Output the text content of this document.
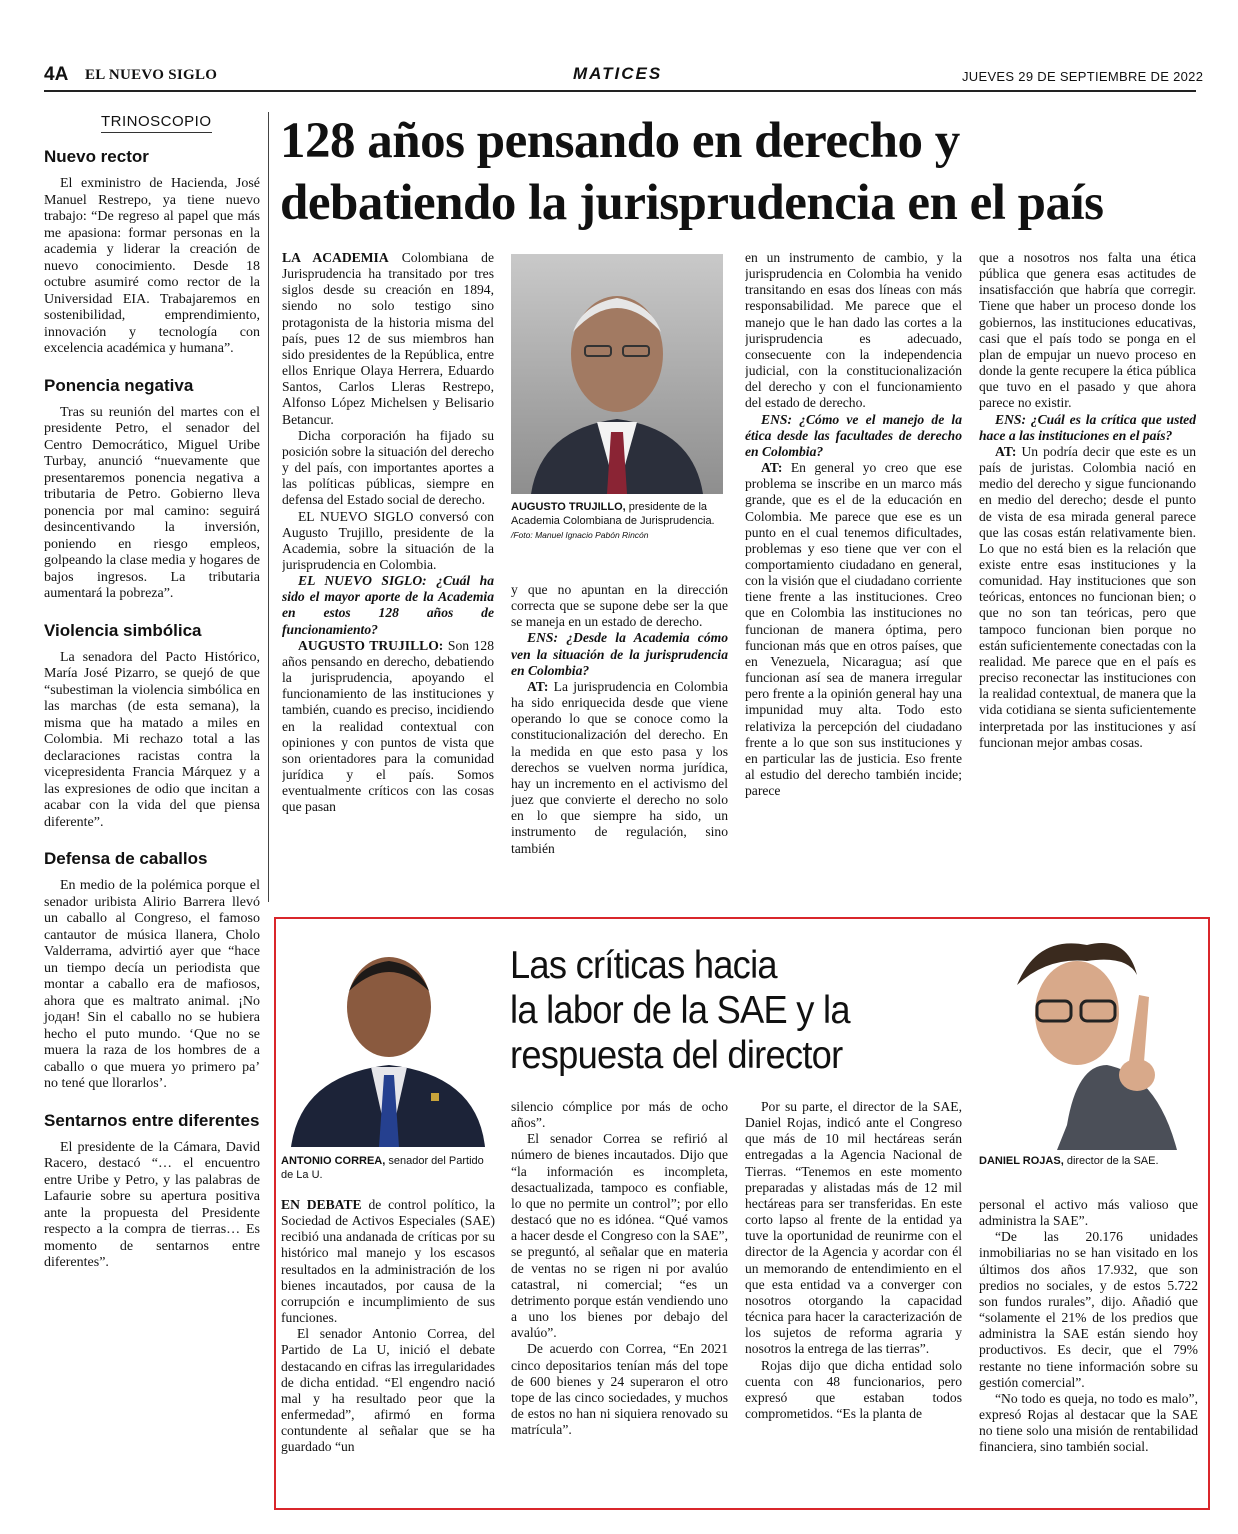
4A EL NUEVO SIGLO	MATICES	JUEVES 29 DE SEPTIEMBRE DE 2022
TRINOSCOPIO
Nuevo rector

El exministro de Hacienda, José Manuel Restrepo, ya tiene nuevo trabajo: “De regreso al papel que más me apasiona: formar personas en la academia y liderar la creación de nuevo conocimiento. Desde 18 octubre asumiré como rector de la Universidad EIA. Trabajaremos en sostenibilidad, emprendimiento, innovación y tecnología con excelencia académica y humana”.

Ponencia negativa

Tras su reunión del martes con el presidente Petro, el senador del Centro Democrático, Miguel Uribe Turbay, anunció “nuevamente que presentaremos ponencia negativa a tributaria de Petro. Gobierno lleva ponencia por mal camino: seguirá desincentivando la inversión, poniendo en riesgo empleos, golpeando la clase media y hogares de bajos ingresos. La tributaria aumentará la pobreza”.

Violencia simbólica

La senadora del Pacto Histórico, María José Pizarro, se quejó de que “subestiman la violencia simbólica en las marchas (de esta semana), la misma que ha matado a miles en Colombia. Mi rechazo total a las declaraciones racistas contra la vicepresidenta Francia Márquez y a las expresiones de odio que incitan a acabar con la vida del que piensa diferente”.

Defensa de caballos

En medio de la polémica porque el senador uribista Alirio Barrera llevó un caballo al Congreso, el famoso cantautor de música llanera, Cholo Valderrama, advirtió ayer que “hace un tiempo decía un periodista que montar a caballo era de mafiosos, ahora que es maltrato animal. ¡No joдан! Sin el caballo no se hubiera hecho el puto mundo. ‘Que no se muera la raza de los hombres de a caballo o que muera yo primero pa’ no tené que llorarlos’.

Sentarnos entre diferentes

El presidente de la Cámara, David Racero, destacó “… el encuentro entre Uribe y Petro, y las palabras de Lafaurie sobre su apertura positiva ante la propuesta del Presidente respecto a la compra de tierras… Es momento de sentarnos entre diferentes”.

128 años pensando en derecho y
debatiendo la jurisprudencia en el país

LA ACADEMIA Colombiana de Jurisprudencia ha transitado por tres siglos desde su creación en 1894, siendo no solo testigo sino protagonista de la historia misma del país, pues 12 de sus miembros han sido presidentes de la República, entre ellos Enrique Olaya Herrera, Eduardo Santos, Carlos Lleras Restrepo, Alfonso López Michelsen y Belisario Betancur.

Dicha corporación ha fijado su posición sobre la situación del derecho y del país, con importantes aportes a las políticas públicas, siempre en defensa del Estado social de derecho.

EL NUEVO SIGLO conversó con Augusto Trujillo, presidente de la Academia, sobre la situación de la jurisprudencia en Colombia.

EL NUEVO SIGLO: ¿Cuál ha sido el mayor aporte de la Academia en estos 128 años de funcionamiento?

AUGUSTO TRUJILLO: Son 128 años pensando en derecho, debatiendo la jurisprudencia, apoyando el funcionamiento de las instituciones y también, cuando es preciso, incidiendo en la realidad contextual con opiniones y con puntos de vista que son orientadores para la comunidad jurídica y el país. Somos eventualmente críticos con las cosas que pasan

AUGUSTO TRUJILLO, presidente de la Academia Colombiana de Jurisprudencia. /Foto: Manuel Ignacio Pabón Rincón

y que no apuntan en la dirección correcta que se supone debe ser la que se maneja en un estado de derecho.

ENS: ¿Desde la Academia cómo ven la situación de la jurisprudencia en Colombia?

AT: La jurisprudencia en Colombia ha sido enriquecida desde que viene operando lo que se conoce como la constitucionalización del derecho. En la medida en que esto pasa y los derechos se vuelven norma jurídica, hay un incremento en el activismo del juez que convierte el derecho no solo en lo que siempre ha sido, un instrumento de regulación, sino también

en un instrumento de cambio, y la jurisprudencia en Colombia ha venido transitando en esas dos líneas con más responsabilidad. Me parece que el manejo que le han dado las cortes a la jurisprudencia es adecuado, consecuente con la independencia judicial, con la constitucionalización del derecho y con el funcionamiento del estado de derecho.

ENS: ¿Cómo ve el manejo de la ética desde las facultades de derecho en Colombia?

AT: En general yo creo que ese problema se inscribe en un marco más grande, que es el de la educación en Colombia. Me parece que ese es un punto en el cual tenemos dificultades, problemas y eso tiene que ver con el comportamiento ciudadano en general, con la visión que el ciudadano corriente tiene frente a las instituciones. Creo que en Colombia las instituciones no funcionan de manera óptima, pero funcionan más que en otros países, que en Venezuela, Nicaragua; así que funcionan así sea de manera irregular pero frente a la opinión general hay una impunidad muy alta. Todo esto relativiza la percepción del ciudadano frente a lo que son sus instituciones y en particular las de justicia. Eso frente al estudio del derecho también incide; parece

que a nosotros nos falta una ética pública que genera esas actitudes de insatisfacción que habría que corregir. Tiene que haber un proceso donde los gobiernos, las instituciones educativas, casi que el país todo se ponga en el plan de empujar un nuevo proceso en donde la gente recupere la ética pública que tuvo en el pasado y que ahora parece no existir.

ENS: ¿Cuál es la crítica que usted hace a las instituciones en el país?

AT: Un podría decir que este es un país de juristas. Colombia nació en medio del derecho y sigue funcionando en medio del derecho; desde el punto de vista de esa mirada general parece que las cosas están relativamente bien. Lo que no está bien es la relación que existe entre esas instituciones y la comunidad. Hay instituciones que son teóricas, entonces no funcionan bien; o que no son tan teóricas, pero que tampoco funcionan bien porque no están suficientemente conectadas con la realidad. Me parece que en el país es preciso reconectar las instituciones con la realidad contextual, de manera que la vida cotidiana se sienta suficientemente interpretada por las instituciones y así funcionan mejor ambas cosas.

ANTONIO CORREA, senador del Partido de La U.
Las críticas hacia
la labor de la SAE y la
respuesta del director
DANIEL ROJAS, director de la SAE.

EN DEBATE de control político, la Sociedad de Activos Especiales (SAE) recibió una andanada de críticas por su histórico mal manejo y los escasos resultados en la administración de los bienes incautados, por causa de la corrupción e incumplimiento de sus funciones.

El senador Antonio Correa, del Partido de La U, inició el debate destacando en cifras las irregularidades de dicha entidad. “El engendro nació mal y ha resultado peor que la enfermedad”, afirmó en forma contundente al señalar que se ha guardado “un

silencio cómplice por más de ocho años”.

El senador Correa se refirió al número de bienes incautados. Dijo que “la información es incompleta, desactualizada, tampoco es confiable, lo que no permite un control”; por ello destacó que no es idónea. “Qué vamos a hacer desde el Congreso con la SAE”, se preguntó, al señalar que en materia de ventas no se rigen ni por avalúo catastral, ni comercial; “es un detrimento porque están vendiendo uno a uno los bienes por debajo del avalúo”.

De acuerdo con Correa, “En 2021 cinco depositarios tenían más del tope de 600 bienes y 24 superaron el otro tope de las cinco sociedades, y muchos de estos no han ni siquiera renovado su matrícula”.

Por su parte, el director de la SAE, Daniel Rojas, indicó ante el Congreso que más de 10 mil hectáreas serán entregadas a la Agencia Nacional de Tierras. “Tenemos en este momento preparadas y alistadas más de 12 mil hectáreas para ser transferidas. En este corto lapso al frente de la entidad ya tuve la oportunidad de reunirme con el director de la Agencia y acordar con él un memorando de entendimiento en el que esta entidad va a converger con nosotros otorgando la capacidad técnica para hacer la caracterización de los sujetos de reforma agraria y nosotros la entrega de las tierras”.

Rojas dijo que dicha entidad solo cuenta con 48 funcionarios, pero expresó que estaban todos comprometidos. “Es la planta de

personal el activo más valioso que administra la SAE”.

“De las 20.176 unidades inmobiliarias no se han visitado en los últimos dos años 17.932, que son predios no sociales, y de estos 5.722 son fundos rurales”, dijo. Añadió que “solamente el 21% de los predios que administra la SAE están siendo hoy productivos. Es decir, que el 79% restante no tiene información sobre su gestión comercial”.

“No todo es queja, no todo es malo”, expresó Rojas al destacar que la SAE no tiene solo una misión de rentabilidad financiera, sino también social.
